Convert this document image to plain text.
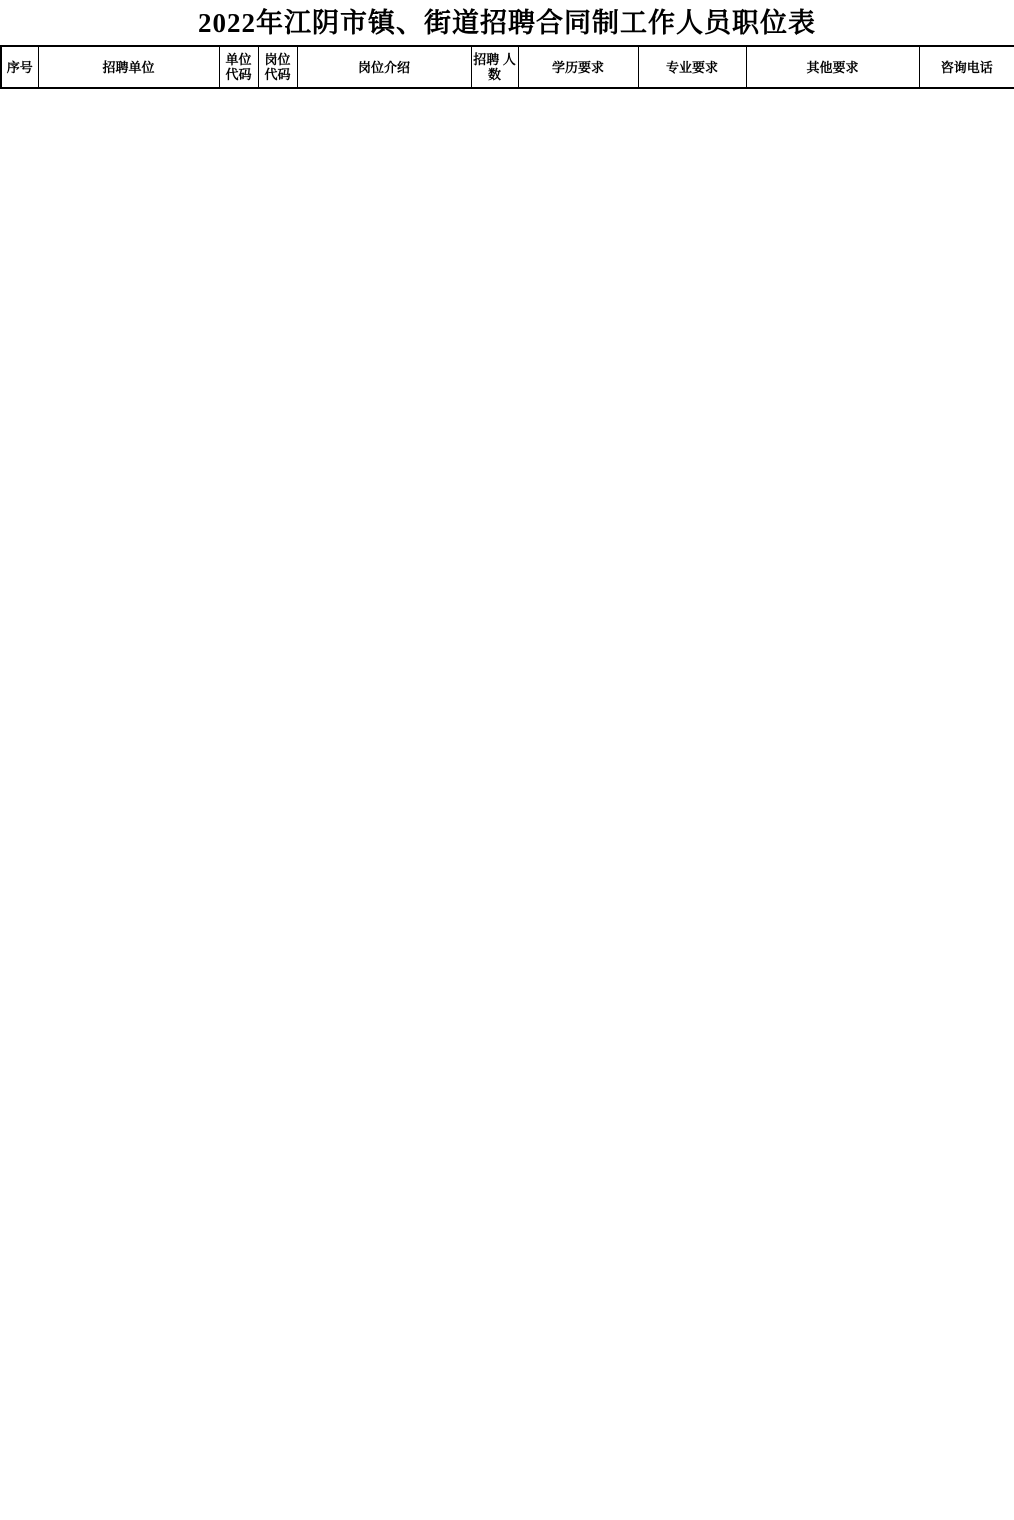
2022年江阴市镇、街道招聘合同制工作人员职位表
序号	招聘单位	单位 代码	岗位 代码	岗位介绍	招聘 人数	学历要求	专业要求	其他要求	咨询电话
